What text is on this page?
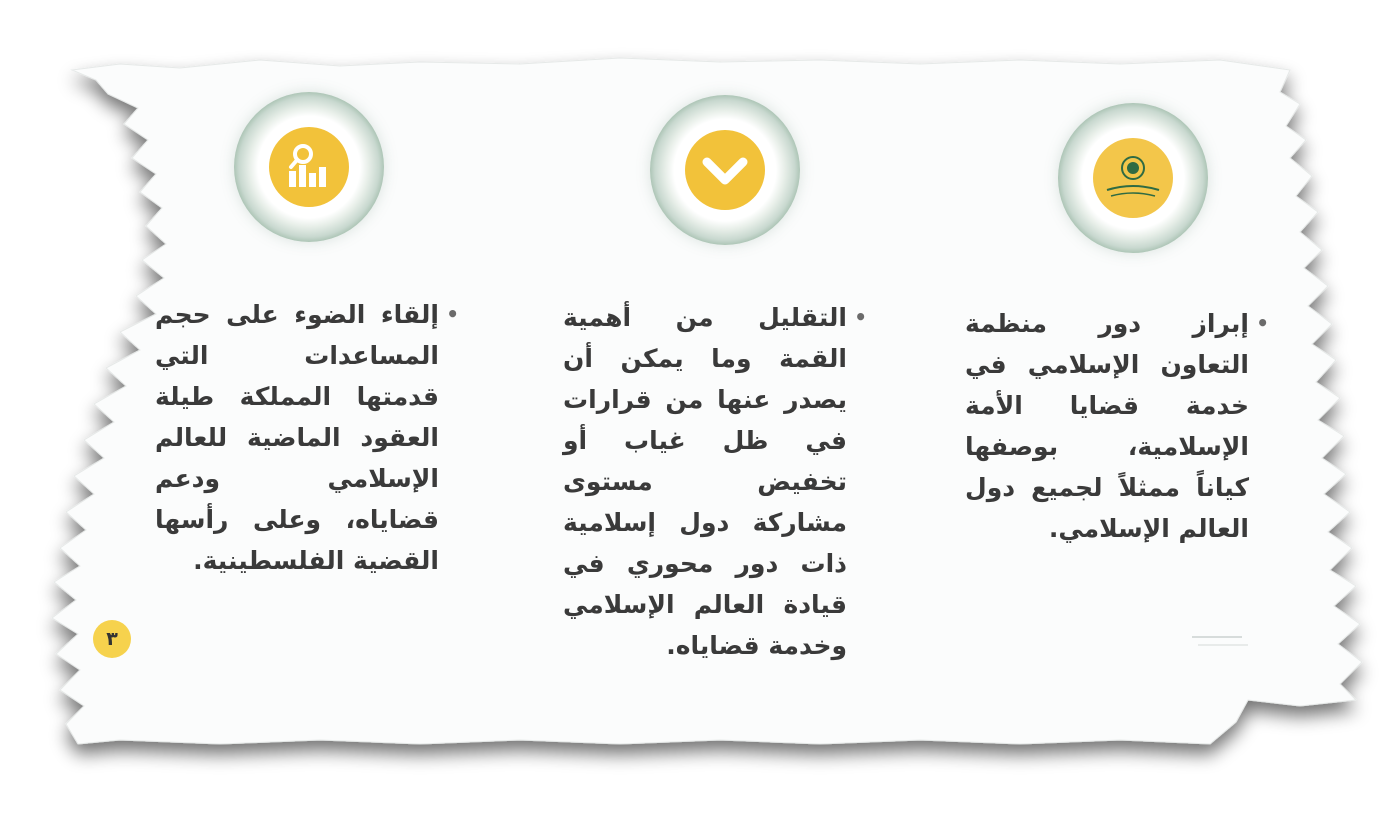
•
إبراز دور منظمة التعاون الإسلامي في خدمة قضايا الأمة الإسلامية، بوصفها كياناً ممثلاً لجميع دول العالم الإسلامي.
•
التقليل من أهمية القمة وما يمكن أن يصدر عنها من قرارات في ظل غياب أو تخفيض مستوى مشاركة دول إسلامية ذات دور محوري في قيادة العالم الإسلامي وخدمة قضاياه.
•
إلقاء الضوء على حجم المساعدات التي قدمتها المملكة طيلة العقود الماضية للعالم الإسلامي ودعم قضاياه، وعلى رأسها القضية الفلسطينية.
٣
